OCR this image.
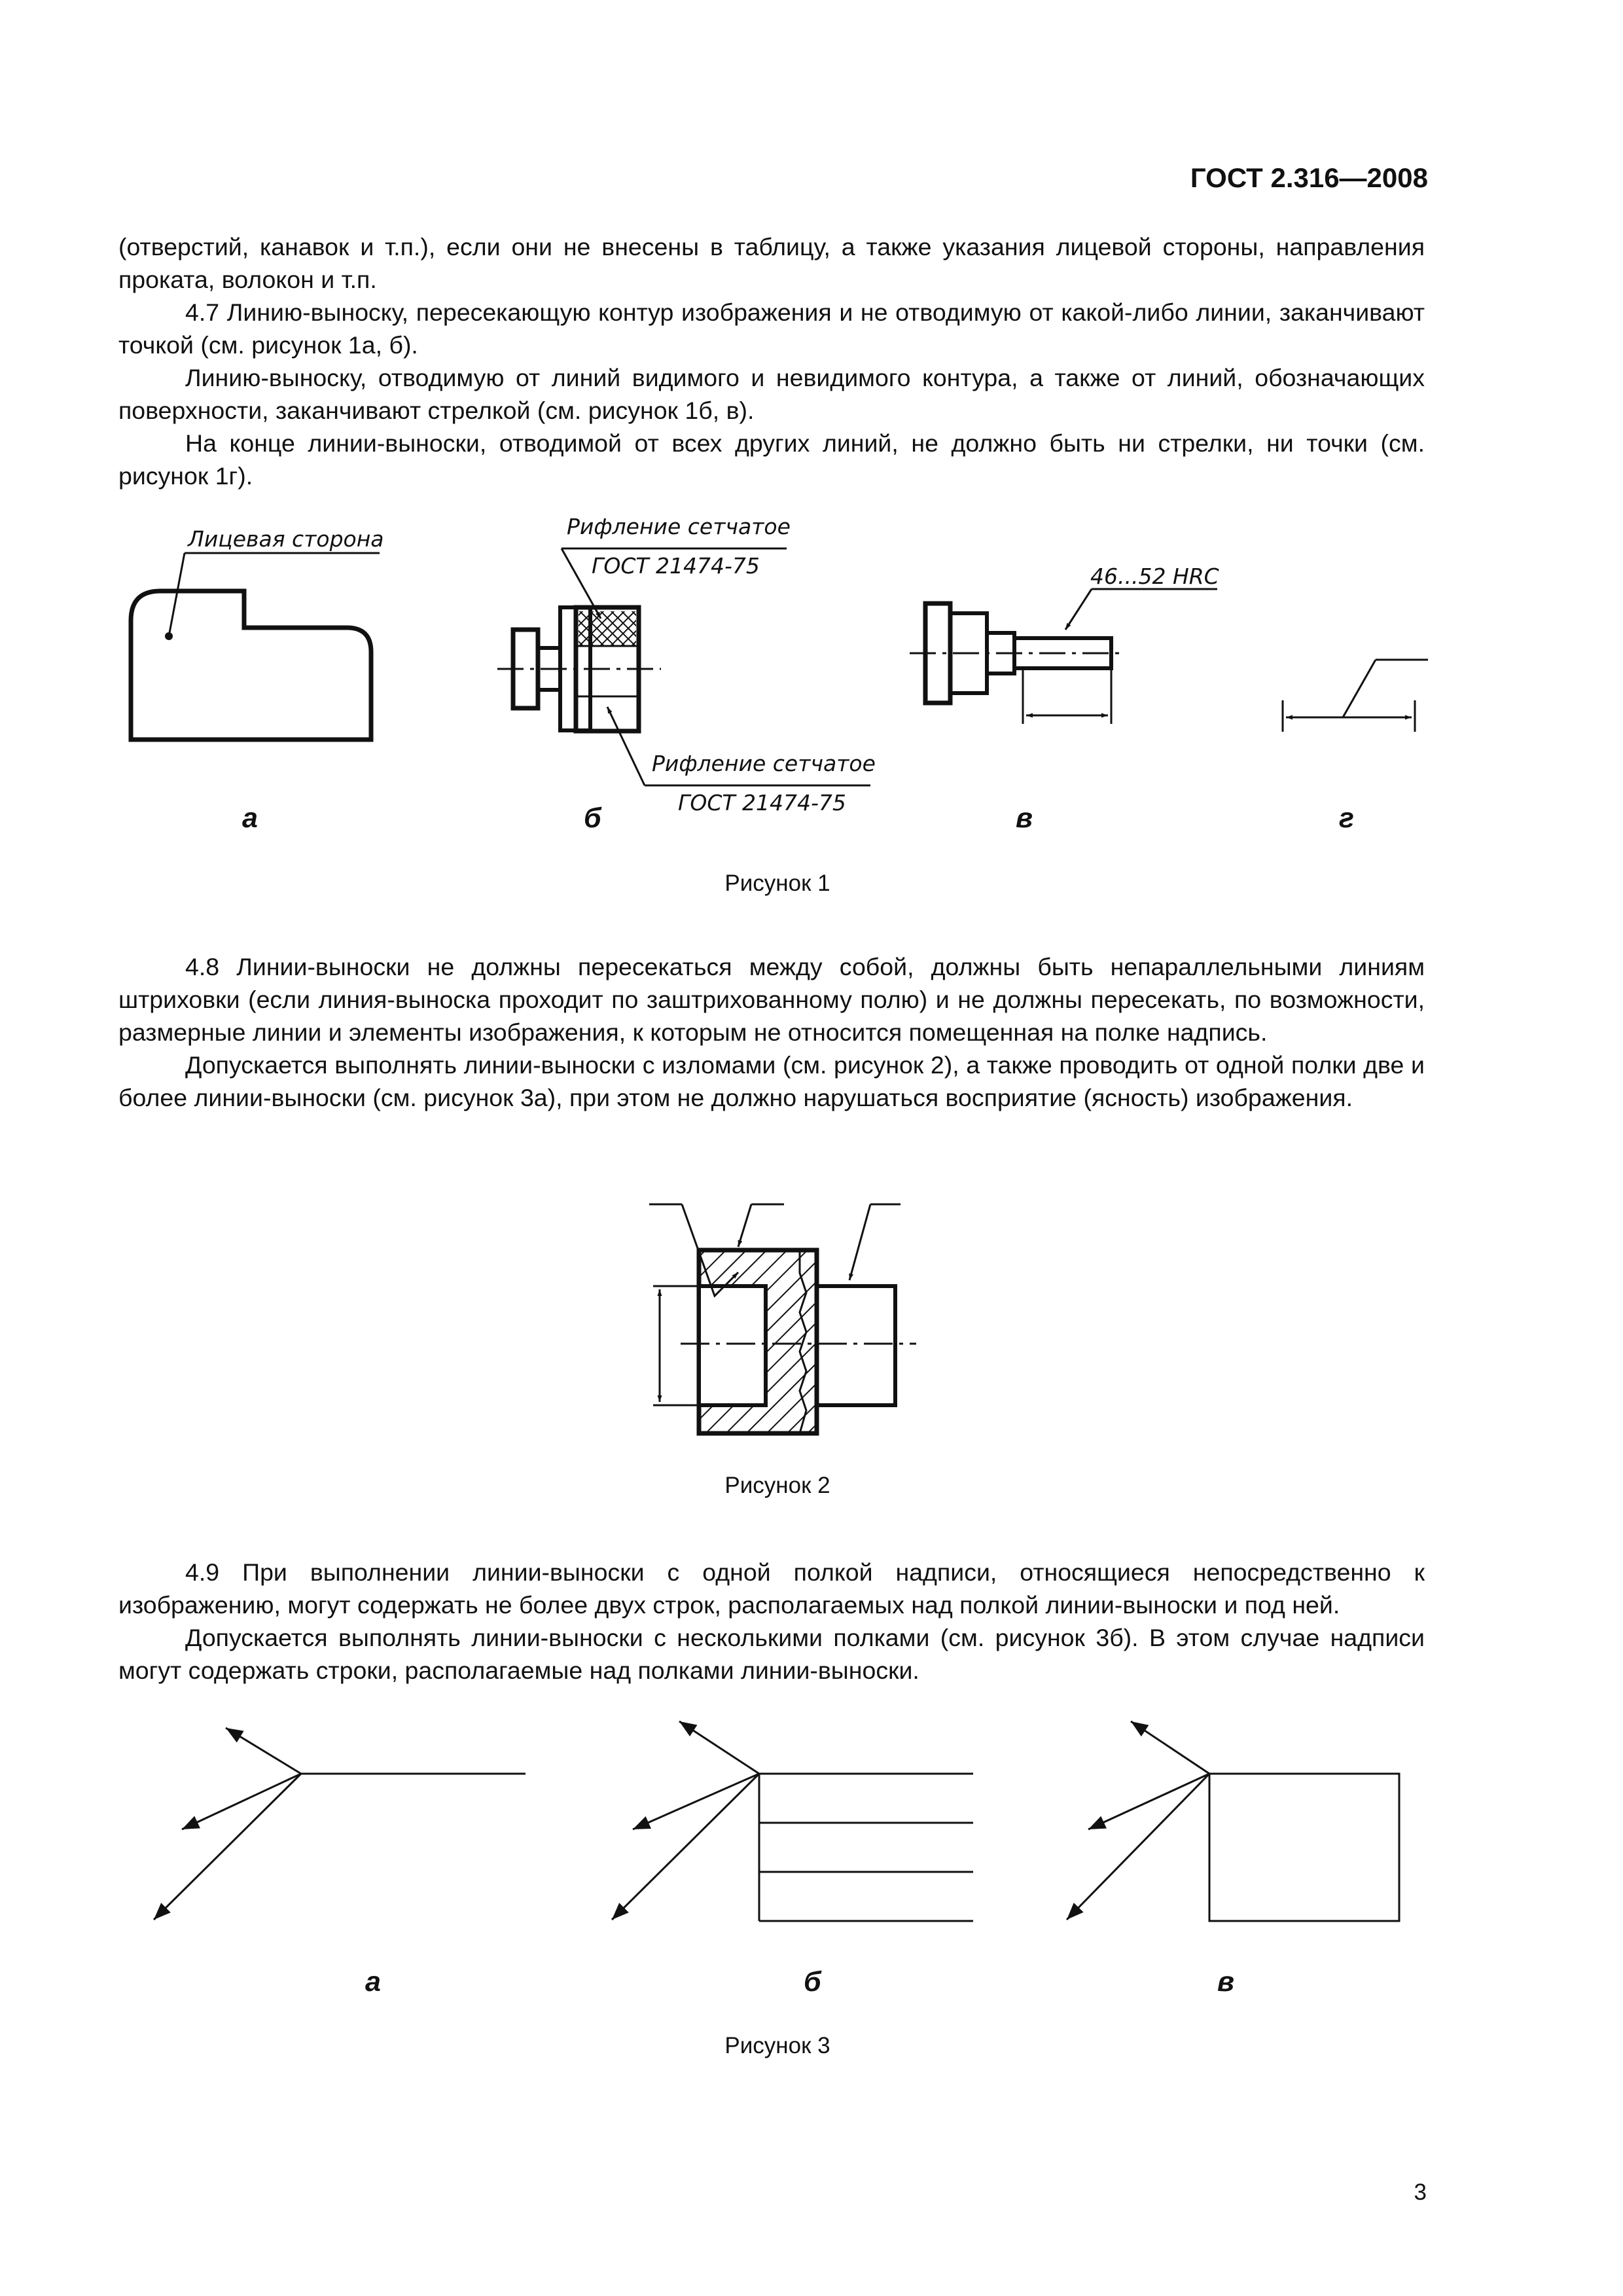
ГОСТ 2.316—2008

(отверстий, канавок и т.п.), если они не внесены в таблицу, а также указания лицевой стороны, направления проката, волокон и т.п.

4.7 Линию-выноску, пересекающую контур изображения и не отводимую от какой-либо линии, заканчивают точкой (см. рисунок 1а, б).

Линию-выноску, отводимую от линий видимого и невидимого контура, а также от линий, обозначающих поверхности, заканчивают стрелкой (см. рисунок 1б, в).

На конце линии-выноски, отводимой от всех других линий, не должно быть ни стрелки, ни точки (см. рисунок 1г).

Лицевая сторона	Рифление сетчатое
ГОСТ 21474-75
Рифление сетчатое
ГОСТ 21474-75
46...52 HRC
а	б	в	г
Рисунок 1

4.8 Линии-выноски не должны пересекаться между собой, должны быть непараллельными линиям штриховки (если линия-выноска проходит по заштрихованному полю) и не должны пересекать, по возможности, размерные линии и элементы изображения, к которым не относится помещенная на полке надпись.

Допускается выполнять линии-выноски с изломами (см. рисунок 2), а также проводить от одной полки две и более линии-выноски (см. рисунок 3а), при этом не должно нарушаться восприятие (ясность) изображения.

Рисунок 2

4.9 При выполнении линии-выноски с одной полкой надписи, относящиеся непосредственно к изображению, могут содержать не более двух строк, располагаемых над полкой линии-выноски и под ней.

Допускается выполнять линии-выноски с несколькими полками (см. рисунок 3б). В этом случае надписи могут содержать строки, располагаемые над полками линии-выноски.

а	б	в
Рисунок 3
3
